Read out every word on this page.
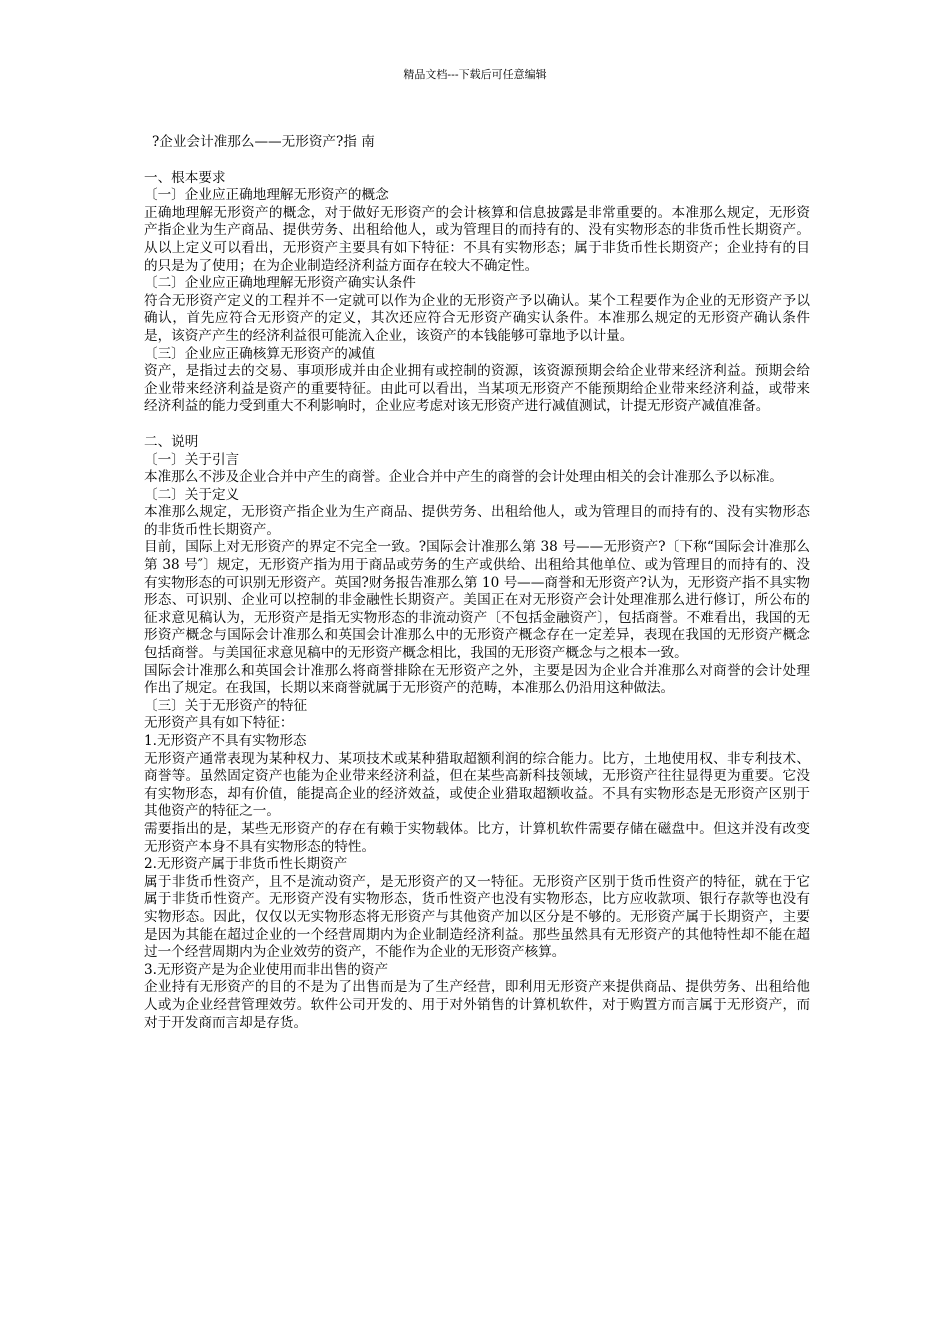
精品文档---下载后可任意编辑

?企业会计准那么——无形资产?指 南

一、根本要求

〔一〕企业应正确地理解无形资产的概念

正确地理解无形资产的概念，对于做好无形资产的会计核算和信息披露是非常重要的。本准那么规定，无形资产指企业为生产商品、提供劳务、出租给他人，或为管理目的而持有的、没有实物形态的非货币性长期资产。从以上定义可以看出，无形资产主要具有如下特征：不具有实物形态；属于非货币性长期资产；企业持有的目的只是为了使用；在为企业制造经济利益方面存在较大不确定性。

〔二〕企业应正确地理解无形资产确实认条件

符合无形资产定义的工程并不一定就可以作为企业的无形资产予以确认。某个工程要作为企业的无形资产予以确认，首先应符合无形资产的定义，其次还应符合无形资产确实认条件。本准那么规定的无形资产确认条件是，该资产产生的经济利益很可能流入企业，该资产的本钱能够可靠地予以计量。

〔三〕企业应正确核算无形资产的减值

资产，是指过去的交易、事项形成并由企业拥有或控制的资源，该资源预期会给企业带来经济利益。预期会给企业带来经济利益是资产的重要特征。由此可以看出，当某项无形资产不能预期给企业带来经济利益，或带来经济利益的能力受到重大不利影响时，企业应考虑对该无形资产进行减值测试，计提无形资产减值准备。

二、说明

〔一〕关于引言

本准那么不涉及企业合并中产生的商誉。企业合并中产生的商誉的会计处理由相关的会计准那么予以标准。

〔二〕关于定义

本准那么规定，无形资产指企业为生产商品、提供劳务、出租给他人，或为管理目的而持有的、没有实物形态的非货币性长期资产。

目前，国际上对无形资产的界定不完全一致。?国际会计准那么第 38 号——无形资产?〔下称“国际会计准那么第 38 号″〕规定，无形资产指为用于商品或劳务的生产或供给、出租给其他单位、或为管理目的而持有的、没有实物形态的可识别无形资产。英国?财务报告准那么第 10 号——商誉和无形资产?认为，无形资产指不具实物形态、可识别、企业可以控制的非金融性长期资产。美国正在对无形资产会计处理准那么进行修订，所公布的征求意见稿认为，无形资产是指无实物形态的非流动资产〔不包括金融资产〕，包括商誉。不难看出，我国的无形资产概念与国际会计准那么和英国会计准那么中的无形资产概念存在一定差异，表现在我国的无形资产概念包括商誉。与美国征求意见稿中的无形资产概念相比，我国的无形资产概念与之根本一致。

国际会计准那么和英国会计准那么将商誉排除在无形资产之外，主要是因为企业合并准那么对商誉的会计处理作出了规定。在我国，长期以来商誉就属于无形资产的范畴，本准那么仍沿用这种做法。

〔三〕关于无形资产的特征

无形资产具有如下特征：

1.无形资产不具有实物形态

无形资产通常表现为某种权力、某项技术或某种猎取超额利润的综合能力。比方，土地使用权、非专利技术、商誉等。虽然固定资产也能为企业带来经济利益，但在某些高新科技领域，无形资产往往显得更为重要。它没有实物形态，却有价值，能提高企业的经济效益，或使企业猎取超额收益。不具有实物形态是无形资产区别于其他资产的特征之一。

需要指出的是，某些无形资产的存在有赖于实物载体。比方，计算机软件需要存储在磁盘中。但这并没有改变无形资产本身不具有实物形态的特性。

2.无形资产属于非货币性长期资产

属于非货币性资产，且不是流动资产，是无形资产的又一特征。无形资产区别于货币性资产的特征，就在于它属于非货币性资产。无形资产没有实物形态，货币性资产也没有实物形态，比方应收款项、银行存款等也没有实物形态。因此，仅仅以无实物形态将无形资产与其他资产加以区分是不够的。无形资产属于长期资产，主要是因为其能在超过企业的一个经营周期内为企业制造经济利益。那些虽然具有无形资产的其他特性却不能在超过一个经营周期内为企业效劳的资产，不能作为企业的无形资产核算。

3.无形资产是为企业使用而非出售的资产

企业持有无形资产的目的不是为了出售而是为了生产经营，即利用无形资产来提供商品、提供劳务、出租给他人或为企业经营管理效劳。软件公司开发的、用于对外销售的计算机软件，对于购置方而言属于无形资产，而对于开发商而言却是存货。
